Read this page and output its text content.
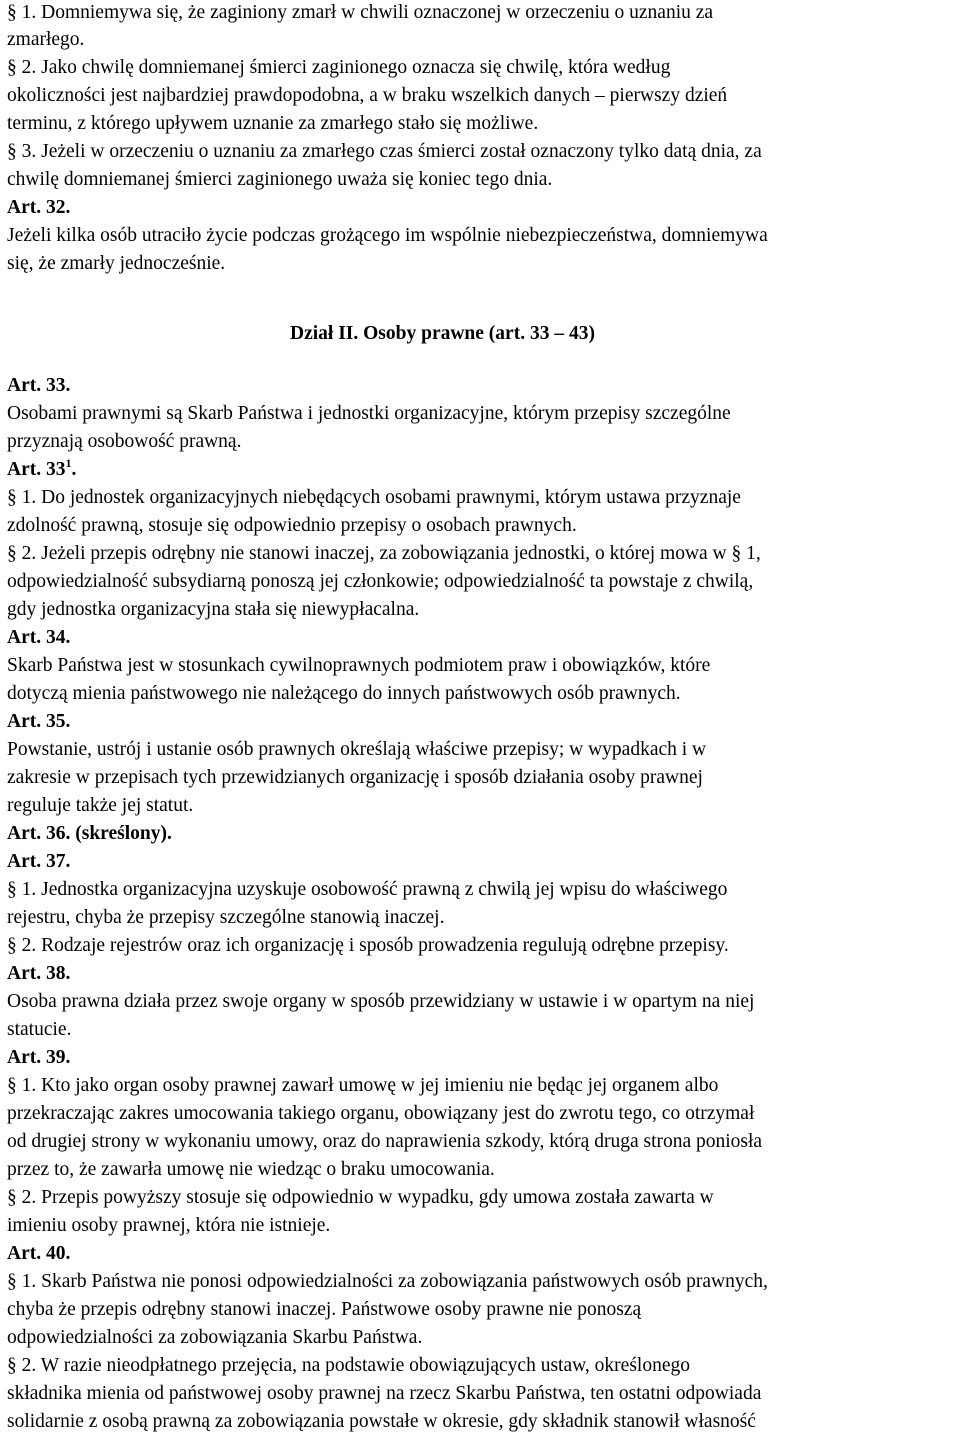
§ 1. Domniemywa się, że zaginiony zmarł w chwili oznaczonej w orzeczeniu o uznaniu za
zmarłego.
§ 2. Jako chwilę domniemanej śmierci zaginionego oznacza się chwilę, która według
okoliczności jest najbardziej prawdopodobna, a w braku wszelkich danych – pierwszy dzień
terminu, z którego upływem uznanie za zmarłego stało się możliwe.
§ 3. Jeżeli w orzeczeniu o uznaniu za zmarłego czas śmierci został oznaczony tylko datą dnia, za
chwilę domniemanej śmierci zaginionego uważa się koniec tego dnia.
Art. 32.
Jeżeli kilka osób utraciło życie podczas grożącego im wspólnie niebezpieczeństwa, domniemywa
się, że zmarły jednocześnie.
Dział II. Osoby prawne (art. 33 – 43)
Art. 33.
Osobami prawnymi są Skarb Państwa i jednostki organizacyjne, którym przepisy szczególne
przyznają osobowość prawną.
Art. $33^1$.
§ 1. Do jednostek organizacyjnych niebędących osobami prawnymi, którym ustawa przyznaje
zdolność prawną, stosuje się odpowiednio przepisy o osobach prawnych.
§ 2. Jeżeli przepis odrębny nie stanowi inaczej, za zobowiązania jednostki, o której mowa w § 1,
odpowiedzialność subsydiarną ponoszą jej członkowie; odpowiedzialność ta powstaje z chwilą,
gdy jednostka organizacyjna stała się niewypłacalna.
Art. 34.
Skarb Państwa jest w stosunkach cywilnoprawnych podmiotem praw i obowiązków, które
dotyczą mienia państwowego nie należącego do innych państwowych osób prawnych.
Art. 35.
Powstanie, ustrój i ustanie osób prawnych określają właściwe przepisy; w wypadkach i w
zakresie w przepisach tych przewidzianych organizację i sposób działania osoby prawnej
reguluje także jej statut.
Art. 36. (skreślony).
Art. 37.
§ 1. Jednostka organizacyjna uzyskuje osobowość prawną z chwilą jej wpisu do właściwego
rejestru, chyba że przepisy szczególne stanowią inaczej.
§ 2. Rodzaje rejestrów oraz ich organizację i sposób prowadzenia regulują odrębne przepisy.
Art. 38.
Osoba prawna działa przez swoje organy w sposób przewidziany w ustawie i w opartym na niej
statucie.
Art. 39.
§ 1. Kto jako organ osoby prawnej zawarł umowę w jej imieniu nie będąc jej organem albo
przekraczając zakres umocowania takiego organu, obowiązany jest do zwrotu tego, co otrzymał
od drugiej strony w wykonaniu umowy, oraz do naprawienia szkody, którą druga strona poniosła
przez to, że zawarła umowę nie wiedząc o braku umocowania.
§ 2. Przepis powyższy stosuje się odpowiednio w wypadku, gdy umowa została zawarta w
imieniu osoby prawnej, która nie istnieje.
Art. 40.
§ 1. Skarb Państwa nie ponosi odpowiedzialności za zobowiązania państwowych osób prawnych,
chyba że przepis odrębny stanowi inaczej. Państwowe osoby prawne nie ponoszą
odpowiedzialności za zobowiązania Skarbu Państwa.
§ 2. W razie nieodpłatnego przejęcia, na podstawie obowiązujących ustaw, określonego
składnika mienia od państwowej osoby prawnej na rzecz Skarbu Państwa, ten ostatni odpowiada
solidarnie z osobą prawną za zobowiązania powstałe w okresie, gdy składnik stanowił własność
